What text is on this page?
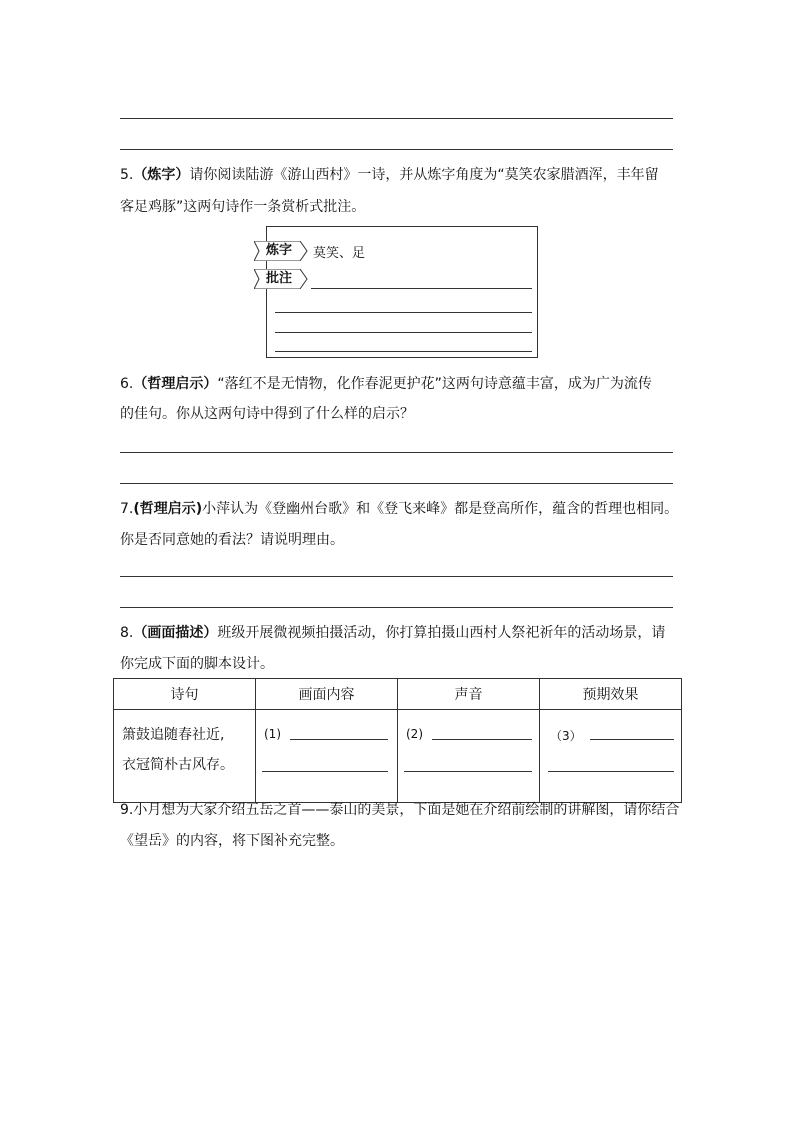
5.（炼字）请你阅读陆游《游山西村》一诗，并从炼字角度为“莫笑农家腊酒浑，丰年留
客足鸡豚”这两句诗作一条赏析式批注。
炼字 莫笑、足
批注
6.（哲理启示）“落红不是无情物，化作春泥更护花”这两句诗意蕴丰富，成为广为流传
的佳句。你从这两句诗中得到了什么样的启示？
7.(哲理启示)小萍认为《登幽州台歌》和《登飞来峰》都是登高所作，蕴含的哲理也相同。
你是否同意她的看法？请说明理由。
8.（画面描述）班级开展微视频拍摄活动，你打算拍摄山西村人祭祀祈年的活动场景，请
你完成下面的脚本设计。
诗句	画面内容	声音	预期效果

箫鼓追随春社近,
衣冠简朴古风存。	(1)	(2)	（3）
9.小月想为大家介绍五岳之首——泰山的美景，下面是她在介绍前绘制的讲解图，请你结合
《望岳》的内容，将下图补充完整。
